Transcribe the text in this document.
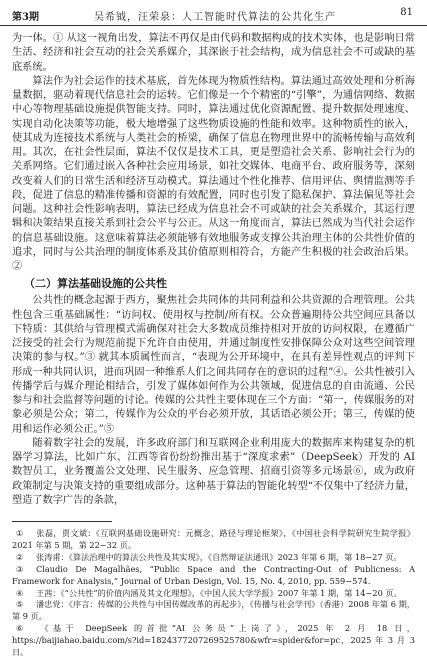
第3期	吴希钺，汪荣泉：人工智能时代算法的公共化生产	81

为一体。① 从这一视角出发，算法不再仅是由代码和数据构成的技术实体，也是影响日常生活、经济和社会互动的社会关系媒介，其深嵌于社会结构，成为信息社会不可或缺的基底系统。

算法作为社会运作的技术基底，首先体现为物质性结构。算法通过高效处理和分析海量数据，驱动着现代信息社会的运转。它们像是一个个精密的“引擎”，为通信网络、数据中心等物理基础设施提供智能支持。同时，算法通过优化资源配置、提升数据处理速度、实现自动化决策等功能，极大地增强了这些物质设施的性能和效率。这种物质性的嵌入，使其成为连接技术系统与人类社会的桥梁，确保了信息在物理世界中的流畅传输与高效利用。其次，在社会性层面，算法不仅仅是技术工具，更是塑造社会关系、影响社会行为的关系网络。它们通过嵌入各种社会应用场景，如社交媒体、电商平台、政府服务等，深刻改变着人们的日常生活和经济互动模式。算法通过个性化推荐、信用评估、舆情监测等手段，促进了信息的精准传播和资源的有效配置，同时也引发了隐私保护、算法偏见等社会问题。这种社会性影响表明，算法已经成为信息社会不可或缺的社会关系媒介，其运行逻辑和决策结果直接关系到社会公平与公正。从这一角度而言，算法已然成为当代社会运作的信息基础设施。这意味着算法必须能够有效地服务或支撑公共治理主体的公共性价值的追求，同时与公共治理的制度体系及其价值原则相符合，方能产生积极的社会政治后果。②

（二）算法基础设施的公共性

公共性的概念起源于西方，聚焦社会共同体的共同利益和公共资源的合理管理。公共性包含三重基础属性：“访问权、使用权与控制/所有权。公众普遍期待公共空间应具备以下特质：其供给与管理模式需确保对社会大多数成员维持相对开放的访问权限，在遵循广泛接受的社会行为规范前提下允许自由使用，并通过制度性安排保障公众对这些空间管理决策的参与权。”③ 就其本质属性而言，“表现为公开环境中，在具有差异性观点的评判下形成一种共同认识，进而巩固一种维系人们之间共同存在的意识的过程”④。公共性被引入传播学后与媒介理论相结合，引发了媒体如何作为公共领域，促进信息的自由流通、公民参与和社会监督等问题的讨论。传媒的公共性主要体现在三个方面：“第一，传媒服务的对象必须是公众；第二，传媒作为公众的平台必须开放，其话语必须公开；第三，传媒的使用和运作必须公正。”⑤

随着数字社会的发展，许多政府部门和互联网企业利用庞大的数据库来构建复杂的机器学习算法，比如广东、江西等省份纷纷推出基于“深度求索”（DeepSeek）开发的 AI 数智员工，业务覆盖公文处理、民生服务、应急管理、招商引资等多元场景⑥，成为政府政策制定与决策支持的重要组成部分。这种基于算法的智能化转型“不仅集中了经济力量，塑造了数字广告的条款，

① 张磊，贾文斌：《互联网基础设施研究：元概念、路径与理论框架》，《中国社会科学院研究生院学报》2021 年第 5 期，第 22−32 页。

② 张涛甫：《算法治理中的算法公共性及其实现》，《自然辩证法通讯》2023 年第 6 期，第 18−27 页。

③ Claudio De Magalhães, “Public Space and the Contracting-Out of Publicness: A Framework for Analysis,” Journal of Urban Design, Vol. 15, No. 4, 2010, pp. 559−574.

④ 王茜：《“公共性”的价值内涵及其文化理想》，《中国人民大学学报》2007 年第 1 期，第 14−20 页。

⑤ 潘忠党：《序言：传媒的公共性与中国传媒改革的再起步》，《传播与社会学刊》（香港）2008 年第 6 期，第 9 页。

⑥ 《基于 DeepSeek 的首批“AI 公务员”上岗了》，2025 年 2 月 18 日，https://baijiahao.baidu.com/s?id=1824377207269525780&wfr=spider&for=pc，2025 年 3 月 3 日。
